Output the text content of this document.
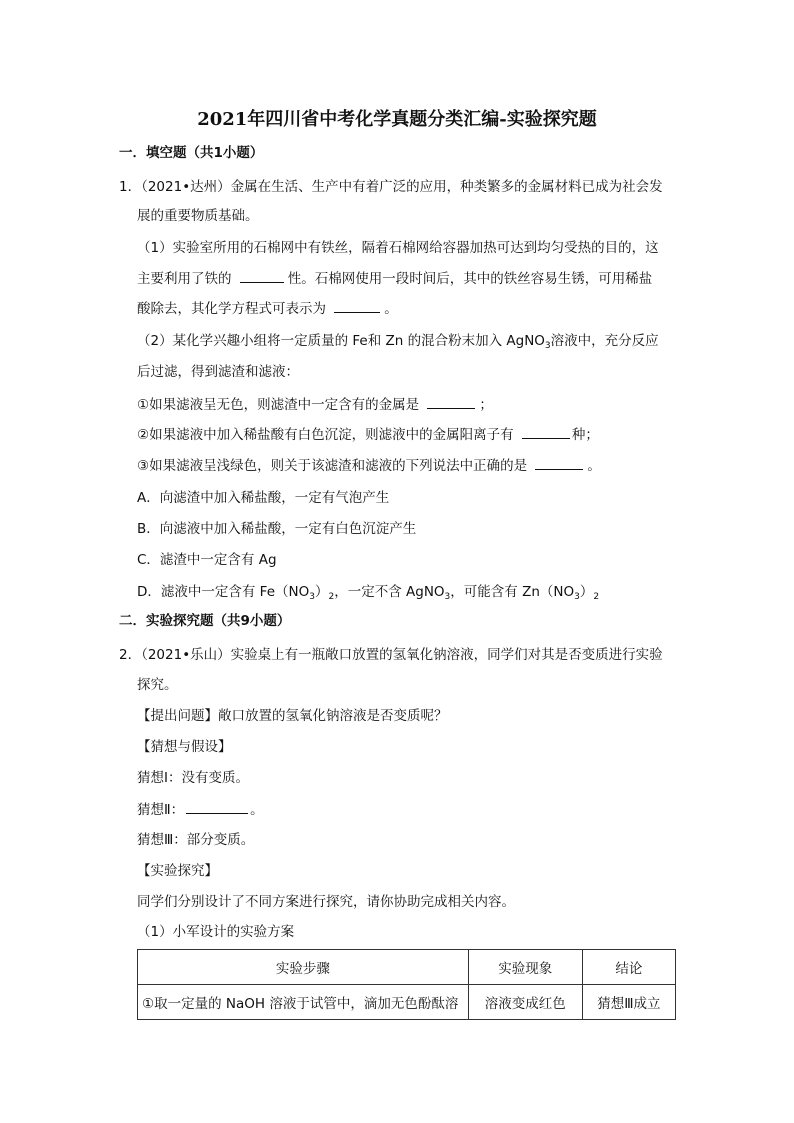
2021年四川省中考化学真题分类汇编-实验探究题
一．填空题（共1小题）
1．（2021•达州）金属在生活、生产中有着广泛的应用，种类繁多的金属材料已成为社会发
展的重要物质基础。
（1）实验室所用的石棉网中有铁丝，隔着石棉网给容器加热可达到均匀受热的目的，这
主要利用了铁的	性。石棉网使用一段时间后，其中的铁丝容易生锈，可用稀盐
酸除去，其化学方程式可表示为	。
（2）某化学兴趣小组将一定质量的 Fe和 Zn 的混合粉末加入 AgNO$_3$溶液中，充分反应
后过滤，得到滤渣和滤液：
①如果滤液呈无色，则滤渣中一定含有的金属是	；
②如果滤液中加入稀盐酸有白色沉淀，则滤液中的金属阳离子有	种；
③如果滤液呈浅绿色，则关于该滤渣和滤液的下列说法中正确的是	。
A．向滤渣中加入稀盐酸，一定有气泡产生
B．向滤液中加入稀盐酸，一定有白色沉淀产生
C．滤渣中一定含有 Ag
D．滤液中一定含有 $Fe(NO_3)_2$，一定不含 AgNO$_3$，可能含有 $Zn(NO_3)_2$
二．实验探究题（共9小题）
2．（2021•乐山）实验桌上有一瓶敞口放置的氢氧化钠溶液，同学们对其是否变质进行实验
探究。
【提出问题】敞口放置的氢氧化钠溶液是否变质呢？
【猜想与假设】
猜想Ⅰ：没有变质。
猜想Ⅱ：	。
猜想Ⅲ：部分变质。
【实验探究】
同学们分别设计了不同方案进行探究，请你协助完成相关内容。
（1）小军设计的实验方案
实验步骤	实验现象	结论
①取一定量的 NaOH 溶液于试管中，滴加无色酚酞溶	溶液变成红色	猜想Ⅲ成立
